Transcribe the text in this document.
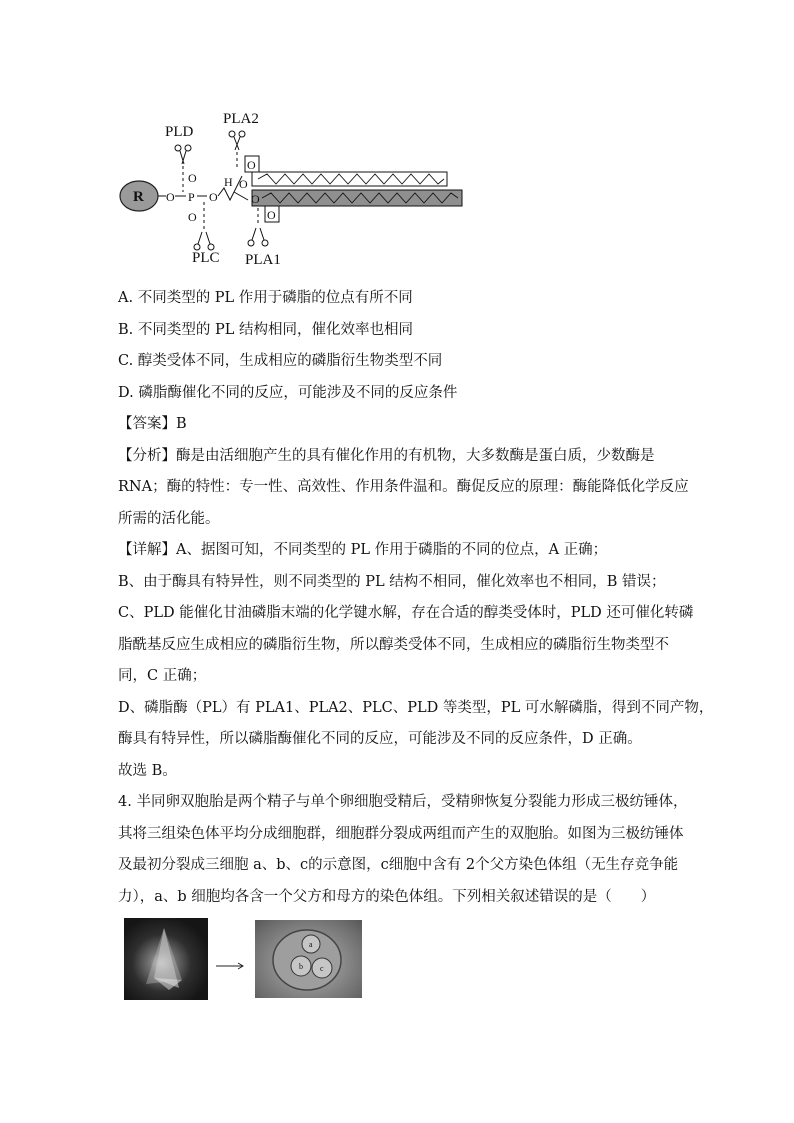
R O P
O
O
O
H
PLD
PLC
PLA2
O
O
O
O
PLA1
A. 不同类型的 PL 作用于磷脂的位点有所不同
B. 不同类型的 PL 结构相同，催化效率也相同
C. 醇类受体不同，生成相应的磷脂衍生物类型不同
D. 磷脂酶催化不同的反应，可能涉及不同的反应条件
【答案】B
【分析】酶是由活细胞产生的具有催化作用的有机物，大多数酶是蛋白质，少数酶是
RNA；酶的特性：专一性、高效性、作用条件温和。酶促反应的原理：酶能降低化学反应
所需的活化能。
【详解】A、据图可知，不同类型的 PL 作用于磷脂的不同的位点，A 正确；
B、由于酶具有特异性，则不同类型的 PL 结构不相同，催化效率也不相同，B 错误；
C、PLD 能催化甘油磷脂末端的化学键水解，存在合适的醇类受体时，PLD 还可催化转磷
脂酰基反应生成相应的磷脂衍生物，所以醇类受体不同，生成相应的磷脂衍生物类型不
同，C 正确；
D、磷脂酶（PL）有 PLA1、PLA2、PLC、PLD 等类型，PL 可水解磷脂，得到不同产物，
酶具有特异性，所以磷脂酶催化不同的反应，可能涉及不同的反应条件，D 正确。
故选 B。
4. 半同卵双胞胎是两个精子与单个卵细胞受精后，受精卵恢复分裂能力形成三极纺锤体，
其将三组染色体平均分成细胞群，细胞群分裂成两组而产生的双胞胎。如图为三极纺锤体
及最初分裂成三细胞 a、b、c的示意图，c细胞中含有 2个父方染色体组（无生存竞争能
力），a、b 细胞均各含一个父方和母方的染色体组。下列相关叙述错误的是（　　）
a
b c
